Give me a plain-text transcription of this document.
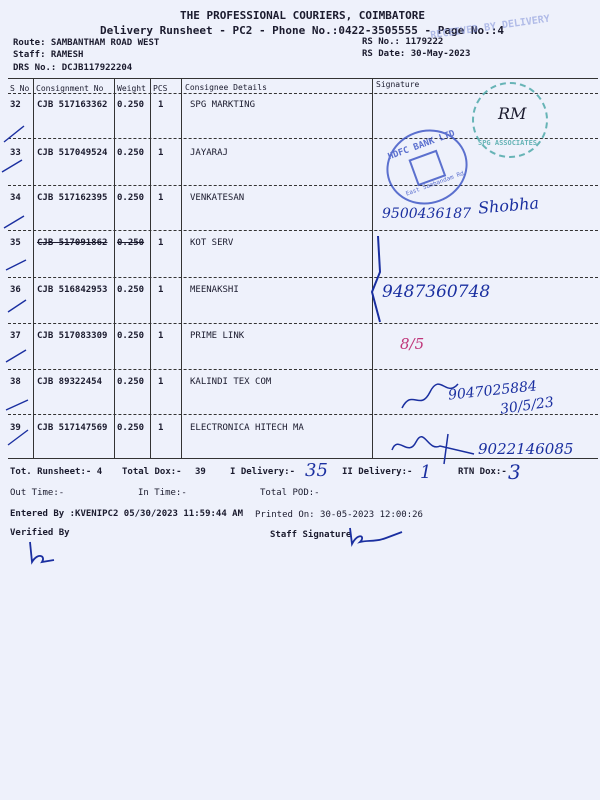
THE PROFESSIONAL COURIERS, COIMBATORE
Delivery Runsheet - PC2 - Phone No.:0422-3505555 - Page No.:4
Route: SAMBANTHAM ROAD WEST
Staff: RAMESH
DRS No.: DCJB117922204
RS No.: 1179222
RS Date: 30-May-2023
RECEIVED BY DELIVERY
S No Consignment No Weight PCS Consignee Details	Signature
32 CJB 517163362 0.250 1	SPG MARKTING
33 CJB 517049524 0.250 1	JAYARAJ
34 CJB 517162395 0.250 1	VENKATESAN
35 CJB 517091862 0.250 1	KOT SERV
36 CJB 516842953 0.250 1	MEENAKSHI
37 CJB 517083309 0.250 1	PRIME LINK
38 CJB 89322454 0.250 1	KALINDI TEX COM
39 CJB 517147569 0.250 1	ELECTRONICA HITECH MA
HDFC BANK LTD
East Sambandam Rd
SPG ASSOCIATES
RM
9500436187 Shobha
9487360748
8/5
9047025884
30/5/23
9022146085
Tot. Runsheet:- 4 Total Dox:- 39	I Delivery:- 35 II Delivery:- 1	RTN Dox:- 3
Out Time:-	In Time:-	Total POD:-
Entered By :KVENIPC2 05/30/2023 11:59:44 AM Printed On: 30-05-2023 12:00:26
Verified By	Staff Signature
